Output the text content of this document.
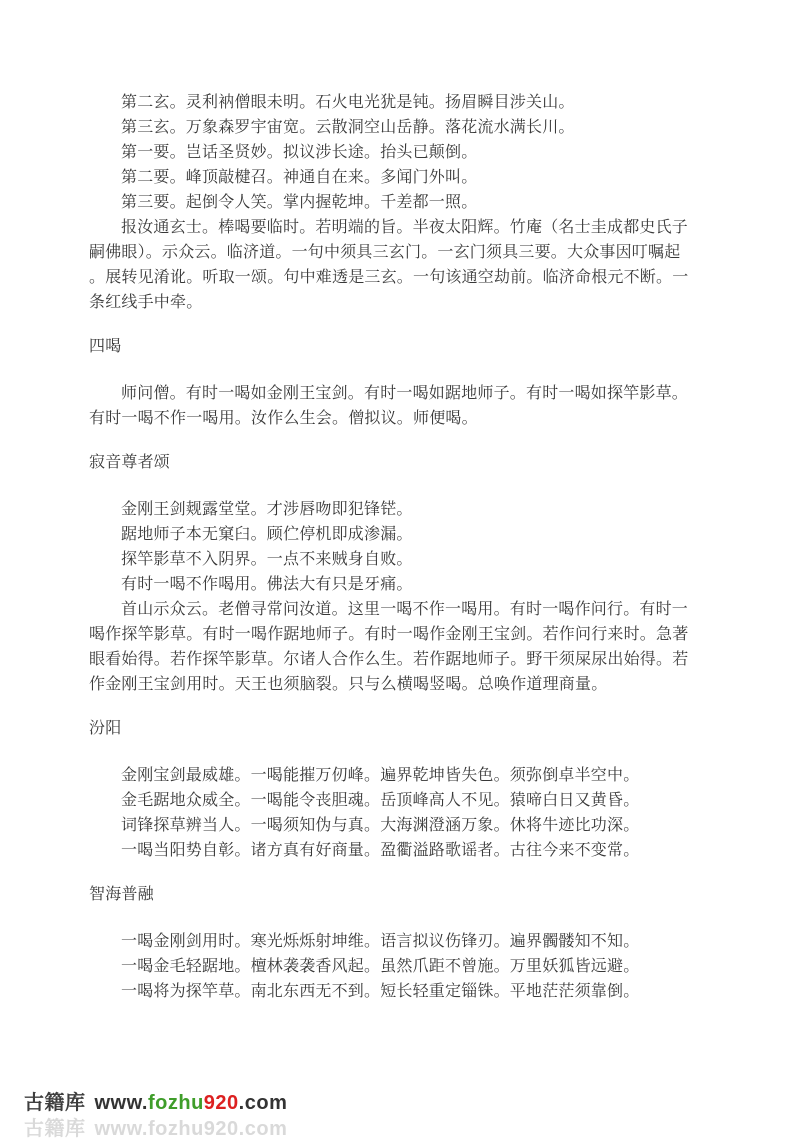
第二玄。灵利衲僧眼未明。石火电光犹是钝。扬眉瞬目涉关山。
第三玄。万象森罗宇宙宽。云散洞空山岳静。落花流水满长川。
第一要。岂话圣贤妙。拟议涉长途。抬头已颠倒。
第二要。峰顶敲楗召。神通自在来。多闻门外叫。
第三要。起倒令人笑。掌内握乾坤。千差都一照。
报汝通玄士。棒喝要临时。若明端的旨。半夜太阳辉。竹庵（名士圭成都史氏子
嗣佛眼）。示众云。临济道。一句中须具三玄门。一玄门须具三要。大众事因叮嘱起
。展转见淆讹。听取一颂。句中难透是三玄。一句该通空劫前。临济命根元不断。一
条红线手中牵。
四喝
师问僧。有时一喝如金刚王宝剑。有时一喝如踞地师子。有时一喝如探竿影草。
有时一喝不作一喝用。汝作么生会。僧拟议。师便喝。
寂音尊者颂
金刚王剑觌露堂堂。才涉唇吻即犯锋铓。
踞地师子本无窠臼。顾伫停机即成渗漏。
探竿影草不入阴界。一点不来贼身自败。
有时一喝不作喝用。佛法大有只是牙痛。
首山示众云。老僧寻常问汝道。这里一喝不作一喝用。有时一喝作问行。有时一
喝作探竿影草。有时一喝作踞地师子。有时一喝作金刚王宝剑。若作问行来时。急著
眼看始得。若作探竿影草。尔诸人合作么生。若作踞地师子。野干须屎尿出始得。若
作金刚王宝剑用时。天王也须脑裂。只与么横喝竖喝。总唤作道理商量。
汾阳
金刚宝剑最威雄。一喝能摧万仞峰。遍界乾坤皆失色。须弥倒卓半空中。
金毛踞地众威全。一喝能令丧胆魂。岳顶峰高人不见。猿啼白日又黄昏。
词锋探草辨当人。一喝须知伪与真。大海渊澄涵万象。休将牛迹比功深。
一喝当阳势自彰。诸方真有好商量。盈衢溢路歌谣者。古往今来不变常。
智海普融
一喝金刚剑用时。寒光烁烁射坤维。语言拟议伤锋刃。遍界髑髅知不知。
一喝金毛轻踞地。檀林袭袭香风起。虽然爪距不曾施。万里妖狐皆远避。
一喝将为探竿草。南北东西无不到。短长轻重定锱铢。平地茫茫须靠倒。
古籍库 www.fozhu920.com
古籍库 www.fozhu920.com
